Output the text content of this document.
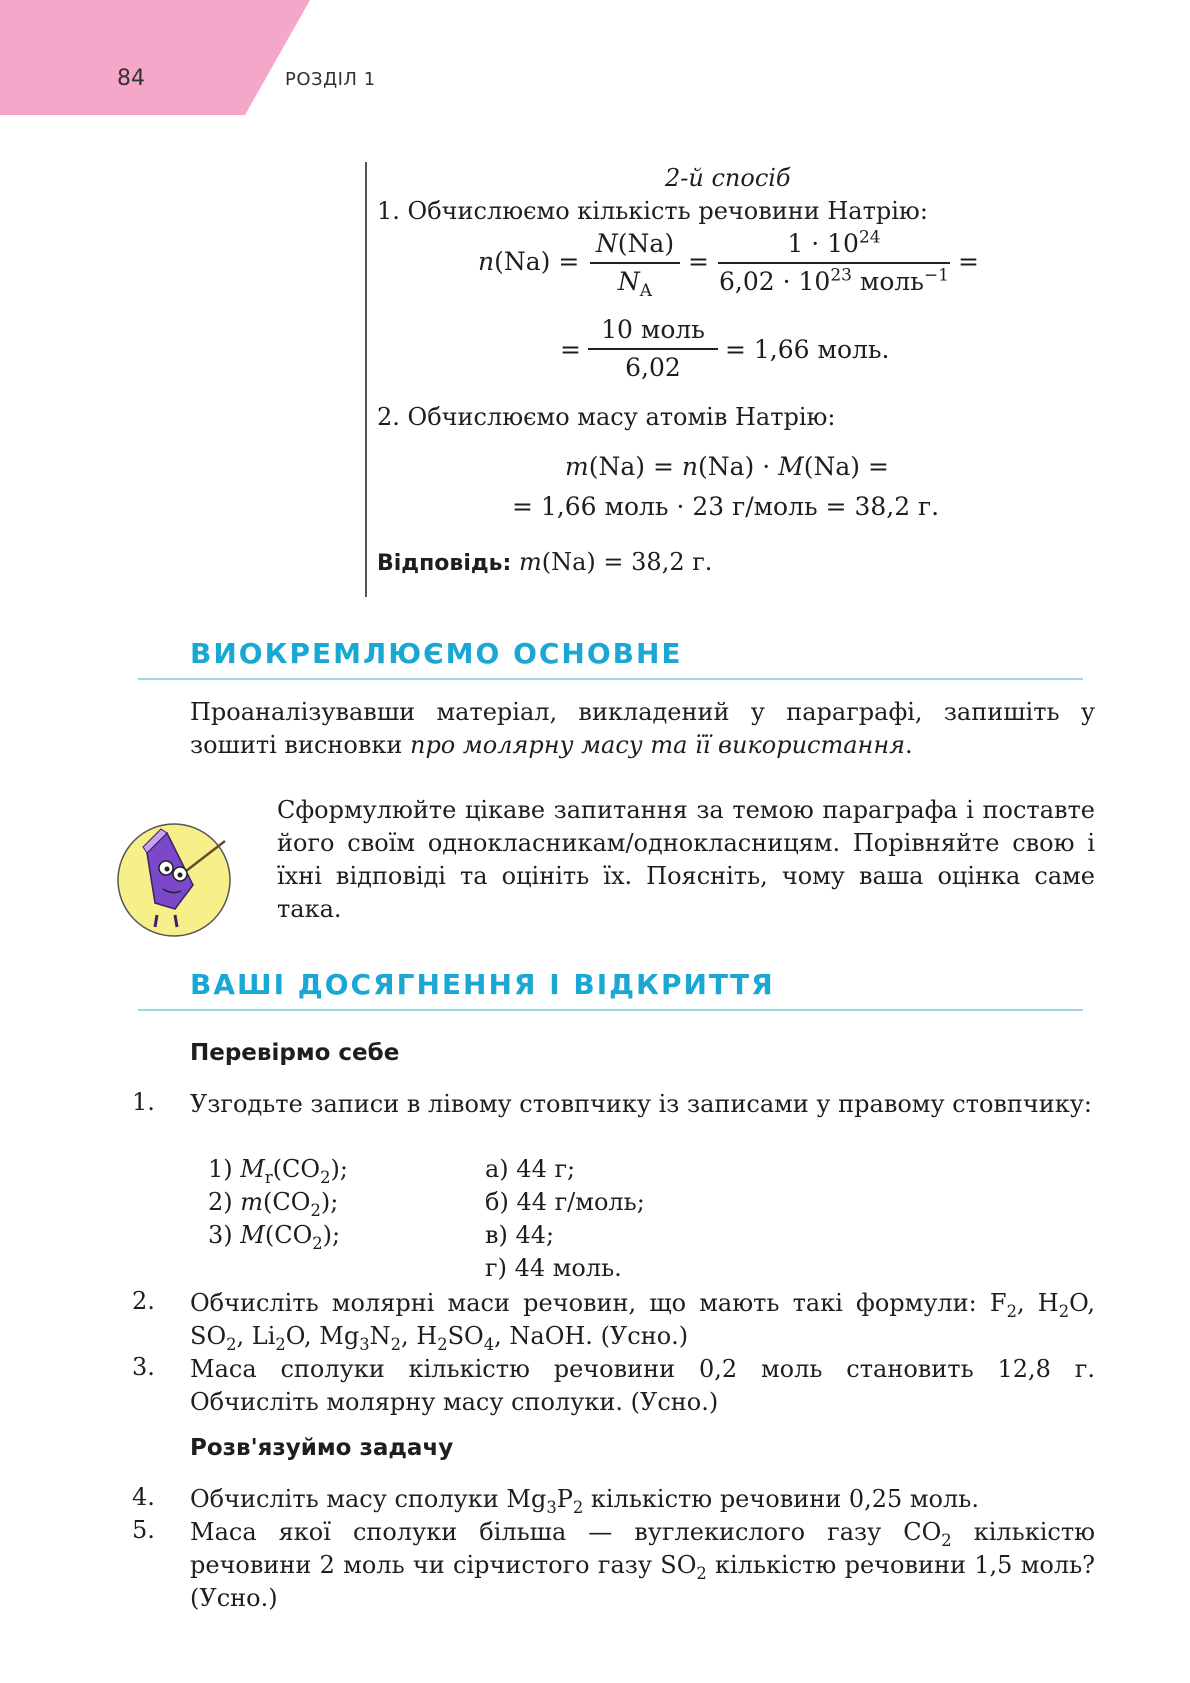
84	РОЗДІЛ 1
2-й спосіб
1. Обчислюємо кількість речовини Натрію:
n(Na) =
N(Na)
$N_A$
=
$1 \cdot 10^{24}$
$6,02 \cdot 10^{23}$ моль$^{-1}$ =
=
10 моль
6,02
= 1,66 моль.
2. Обчислюємо масу атомів Натрію:
m(Na) = n(Na) · M(Na) =
= 1,66 моль · 23 г/моль = 38,2 г.
Відповідь: m(Na) = 38,2 г.
ВИОКРЕМЛЮЄМО ОСНОВНЕ
Проаналізувавши матеріал, викладений у параграфі, запишіть у зошиті висновки про молярну масу та її використання.
Сформулюйте цікаве запитання за темою параграфа і поставте його своїм однокласникам/однокласницям. Порівняйте свою і їхні відповіді та оцініть їх. Поясніть, чому ваша оцінка саме така.
ВАШІ ДОСЯГНЕННЯ І ВІДКРИТТЯ
Перевірмо себе
1. Узгодьте записи в лівому стовпчику із записами у правому стовпчику:
1) $M_r(CO_2)$;
2) $m(CO_2)$;
3) $M(CO_2)$;
а) 44 г;
б) 44 г/моль;
в) 44;
г) 44 моль.
2. Обчисліть молярні маси речовин, що мають такі формули: $F_2$, $H_2O$, $SO_2$, $Li_2O$, $Mg_3N_2$, $H_2SO_4$, NaOH. (Усно.)
3. Маса сполуки кількістю речовини 0,2 моль становить 12,8 г. Обчисліть молярну масу сполуки. (Усно.)
Розв'язуймо задачу
4. Обчисліть масу сполуки $Mg_3P_2$ кількістю речовини 0,25 моль.
5. Маса якої сполуки більша — вуглекислого газу $CO_2$ кількістю речовини 2 моль чи сірчистого газу $SO_2$ кількістю речовини 1,5 моль? (Усно.)
